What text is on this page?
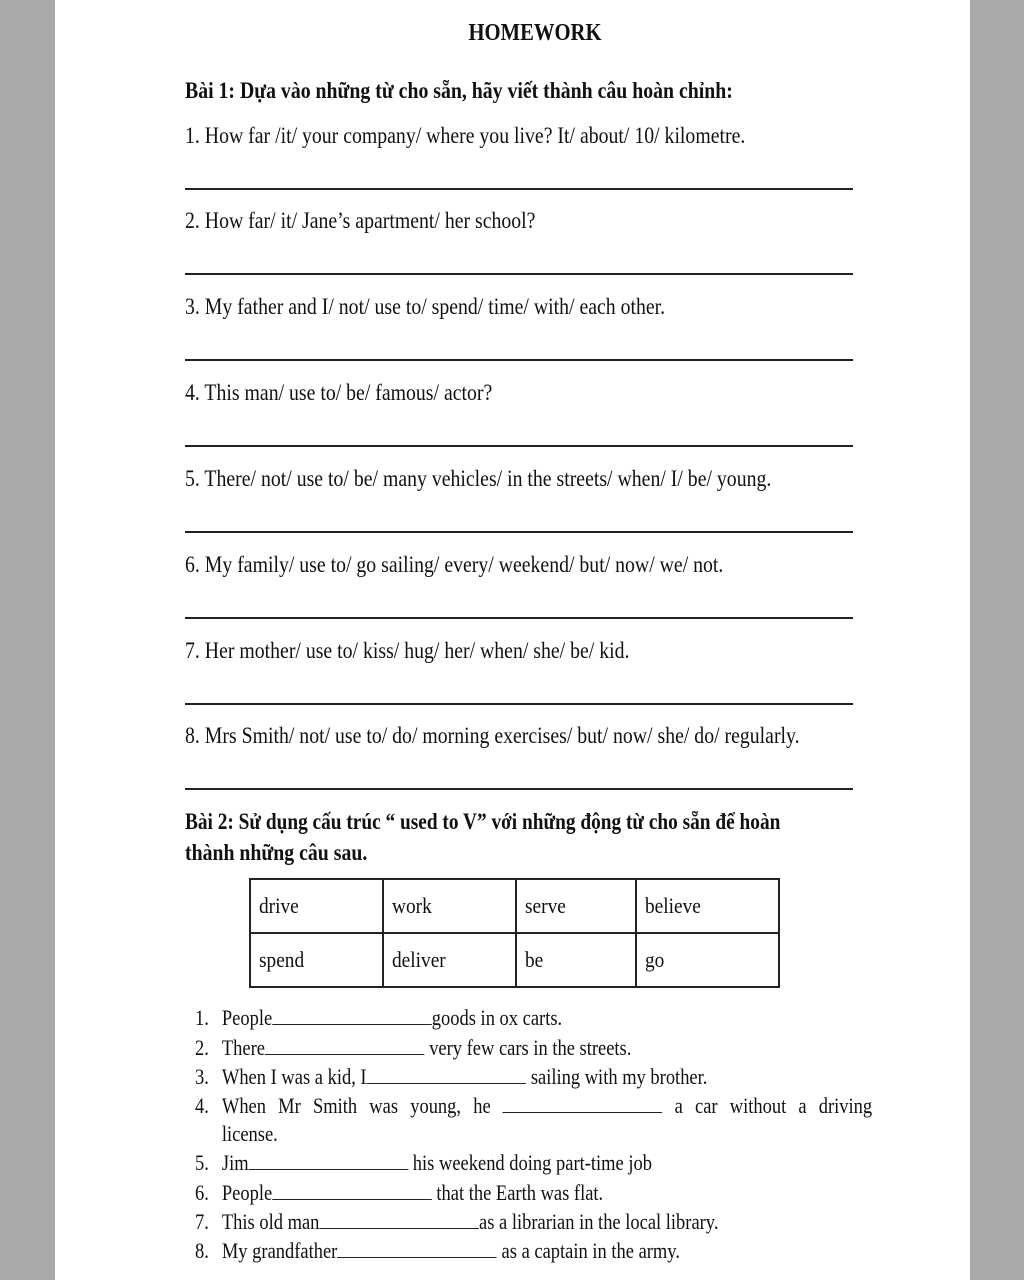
HOMEWORK
Bài 1: Dựa vào những từ cho sẵn, hãy viết thành câu hoàn chỉnh:
1. How far /it/ your company/ where you live? It/ about/ 10/ kilometre.
2. How far/ it/ Jane’s apartment/ her school?
3. My father and I/ not/ use to/ spend/ time/ with/ each other.
4. This man/ use to/ be/ famous/ actor?
5. There/ not/ use to/ be/ many vehicles/ in the streets/ when/ I/ be/ young.
6. My family/ use to/ go sailing/ every/ weekend/ but/ now/ we/ not.
7. Her mother/ use to/ kiss/ hug/ her/ when/ she/ be/ kid.
8. Mrs Smith/ not/ use to/ do/ morning exercises/ but/ now/ she/ do/ regularly.
Bài 2: Sử dụng cấu trúc “ used to V” với những động từ cho sẵn để hoàn
thành những câu sau.
drive	work	serve	believe
spend	deliver	be	go
1. People	goods in ox carts.
2. There	very few cars in the streets.
3. When I was a kid, I	sailing with my brother.
4. When Mr Smith was young, he	a car without a driving
license.
5. Jim	his weekend doing part-time job
6. People	that the Earth was flat.
7. This old man	as a librarian in the local library.
8. My grandfather	as a captain in the army.
